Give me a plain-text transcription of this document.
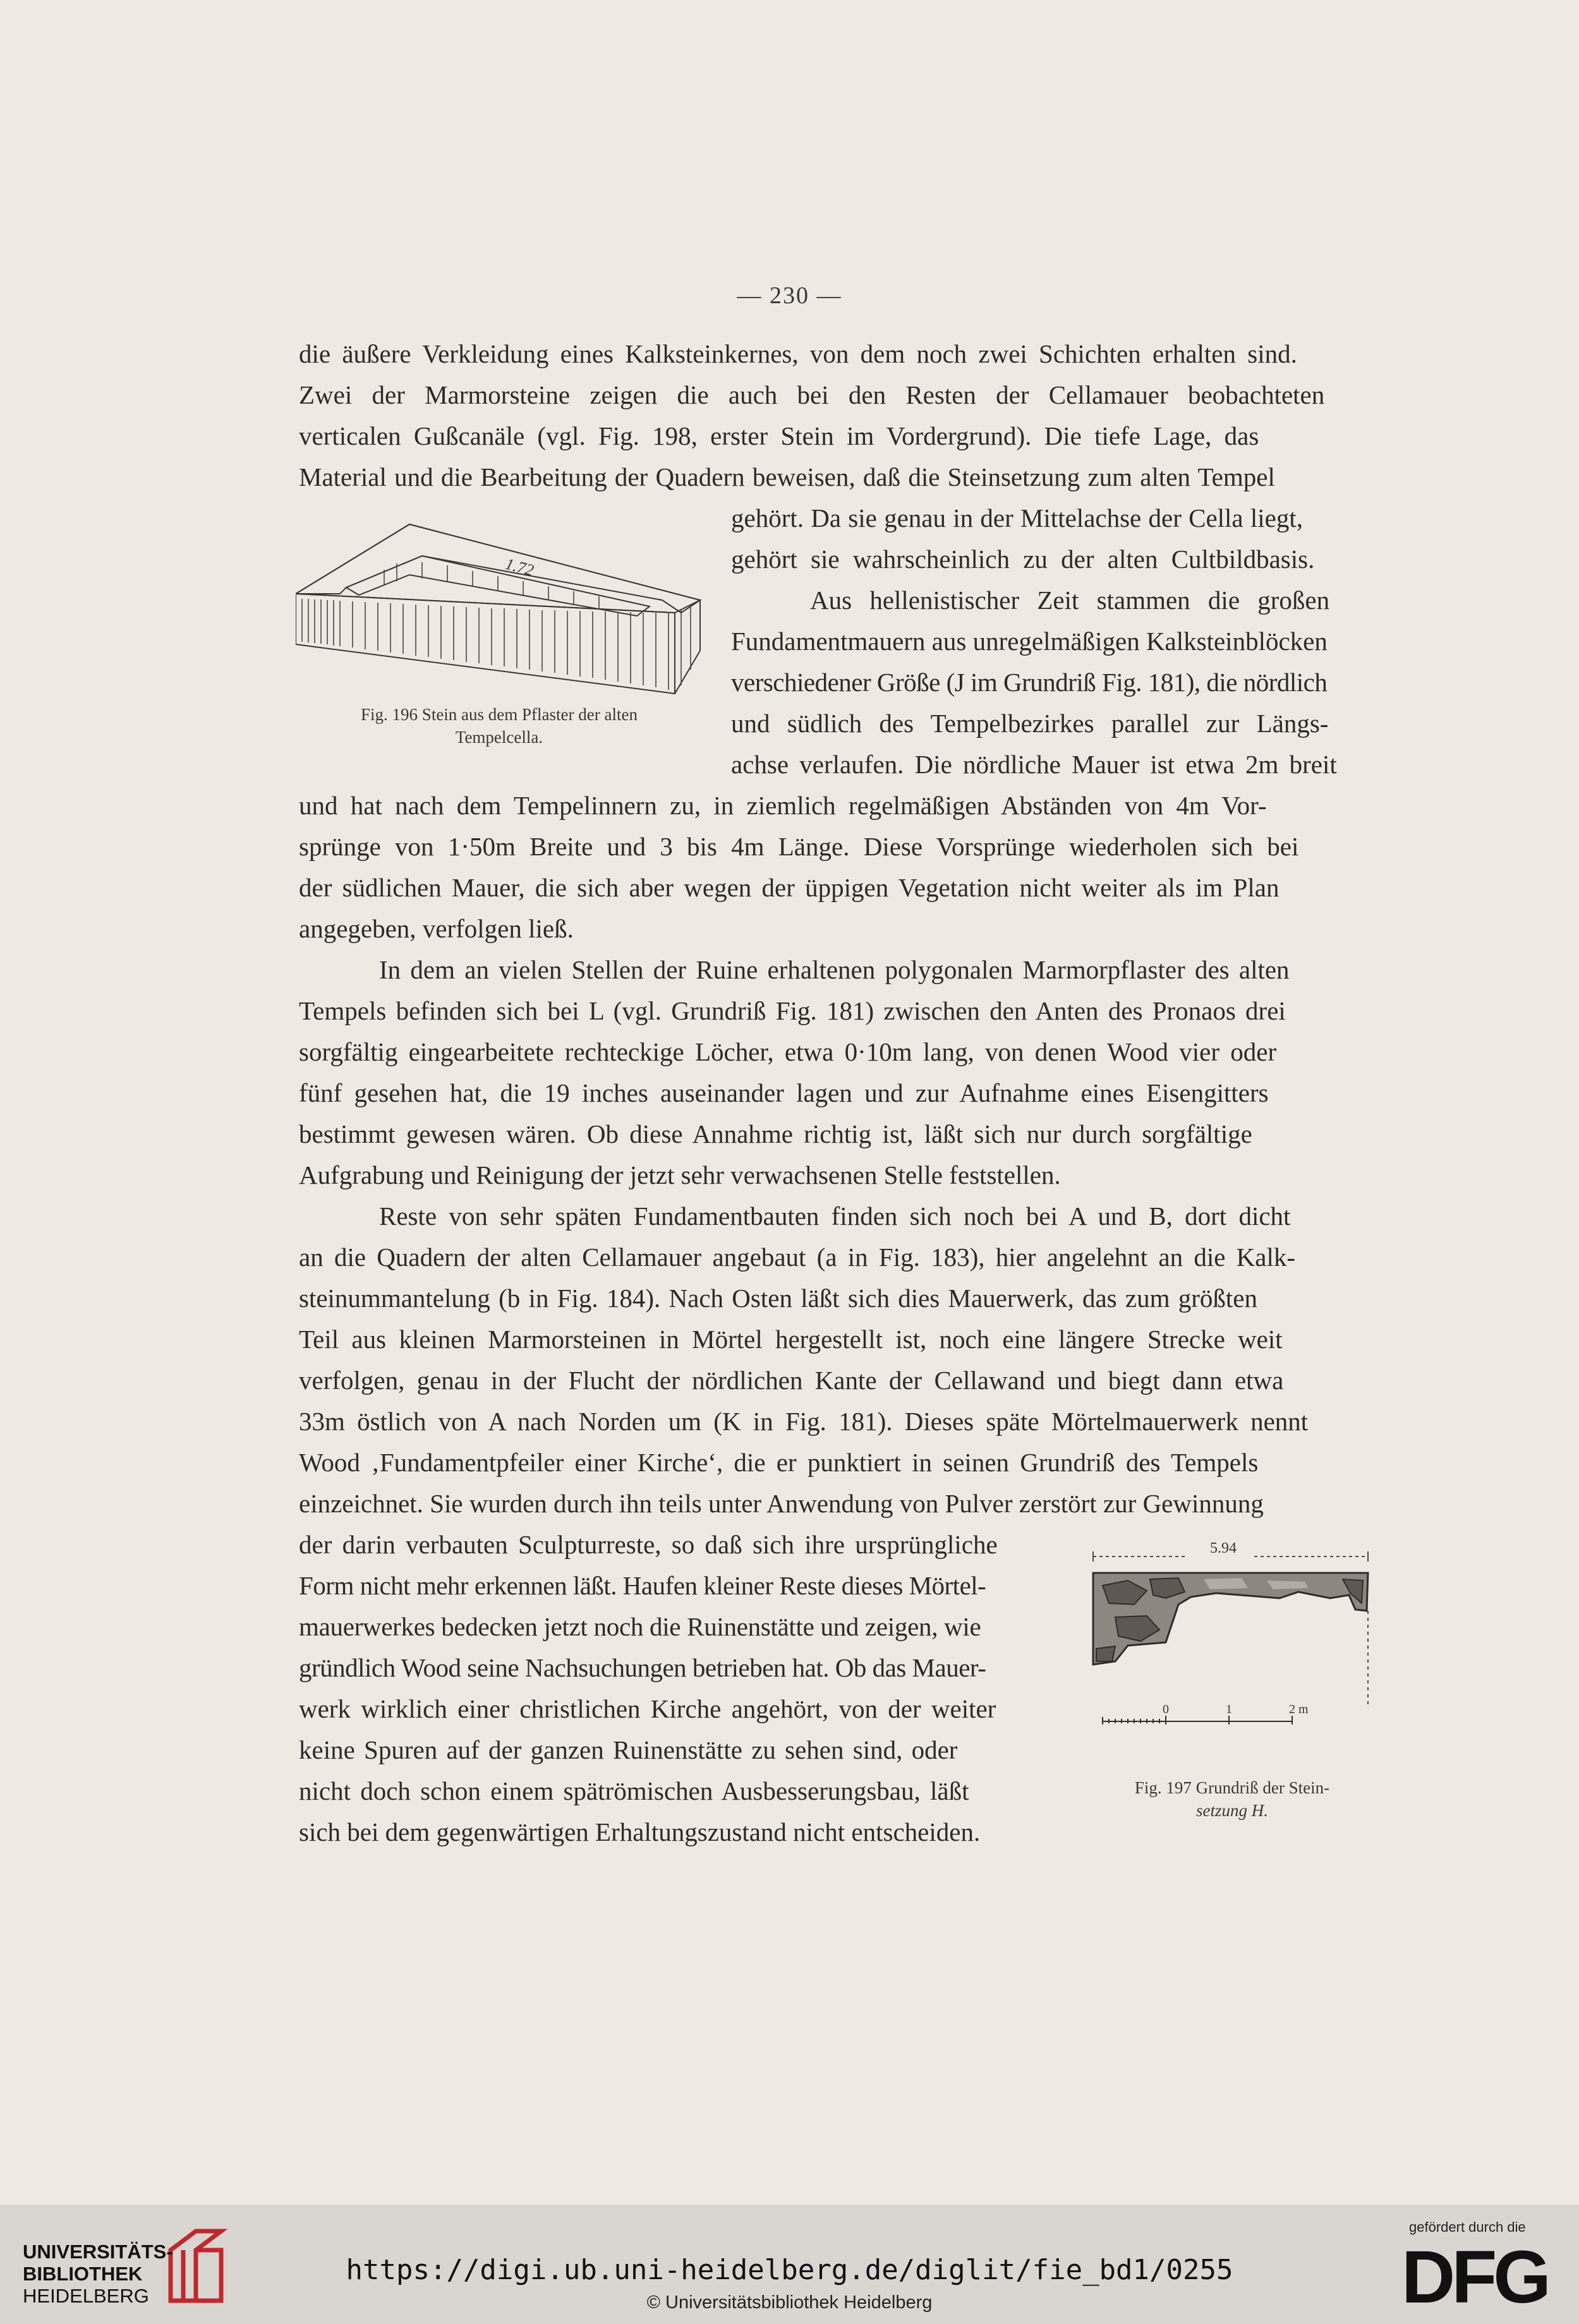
— 230 —
die äußere Verkleidung eines Kalksteinkernes, von dem noch zwei Schichten erhalten sind.
Zwei der Marmorsteine zeigen die auch bei den Resten der Cellamauer beobachteten
verticalen Gußcanäle (vgl. Fig. 198, erster Stein im Vordergrund). Die tiefe Lage, das
Material und die Bearbeitung der Quadern beweisen, daß die Steinsetzung zum alten Tempel
gehört. Da sie genau in der Mittelachse der Cella liegt,
gehört sie wahrscheinlich zu der alten Cultbildbasis.
Aus hellenistischer Zeit stammen die großen
Fundamentmauern aus unregelmäßigen Kalksteinblöcken
verschiedener Größe (J im Grundriß Fig. 181), die nördlich
und südlich des Tempelbezirkes parallel zur Längs-
achse verlaufen. Die nördliche Mauer ist etwa 2m breit
und hat nach dem Tempelinnern zu, in ziemlich regelmäßigen Abständen von 4m Vor-
sprünge von 1·50m Breite und 3 bis 4m Länge. Diese Vorsprünge wiederholen sich bei
der südlichen Mauer, die sich aber wegen der üppigen Vegetation nicht weiter als im Plan
angegeben, verfolgen ließ.
In dem an vielen Stellen der Ruine erhaltenen polygonalen Marmorpflaster des alten
Tempels befinden sich bei L (vgl. Grundriß Fig. 181) zwischen den Anten des Pronaos drei
sorgfältig eingearbeitete rechteckige Löcher, etwa 0·10m lang, von denen Wood vier oder
fünf gesehen hat, die 19 inches auseinander lagen und zur Aufnahme eines Eisengitters
bestimmt gewesen wären. Ob diese Annahme richtig ist, läßt sich nur durch sorgfältige
Aufgrabung und Reinigung der jetzt sehr verwachsenen Stelle feststellen.
Reste von sehr späten Fundamentbauten finden sich noch bei A und B, dort dicht
an die Quadern der alten Cellamauer angebaut (a in Fig. 183), hier angelehnt an die Kalk-
steinummantelung (b in Fig. 184). Nach Osten läßt sich dies Mauerwerk, das zum größten
Teil aus kleinen Marmorsteinen in Mörtel hergestellt ist, noch eine längere Strecke weit
verfolgen, genau in der Flucht der nördlichen Kante der Cellawand und biegt dann etwa
33m östlich von A nach Norden um (K in Fig. 181). Dieses späte Mörtelmauerwerk nennt
Wood ‚Fundamentpfeiler einer Kirche‘, die er punktiert in seinen Grundriß des Tempels
einzeichnet. Sie wurden durch ihn teils unter Anwendung von Pulver zerstört zur Gewinnung
der darin verbauten Sculpturreste, so daß sich ihre ursprüngliche
Form nicht mehr erkennen läßt. Haufen kleiner Reste dieses Mörtel-
mauerwerkes bedecken jetzt noch die Ruinenstätte und zeigen, wie
gründlich Wood seine Nachsuchungen betrieben hat. Ob das Mauer-
werk wirklich einer christlichen Kirche angehört, von der weiter
keine Spuren auf der ganzen Ruinenstätte zu sehen sind, oder
nicht doch schon einem spätrömischen Ausbesserungsbau, läßt
sich bei dem gegenwärtigen Erhaltungszustand nicht entscheiden.
1.72
Fig. 196 Stein aus dem Pflaster der alten
Tempelcella.
5.94
0	1	2 m
Fig. 197 Grundriß der Stein-
setzung H.
UNIVERSITÄTS-
BIBLIOTHEK
HEIDELBERG
https://digi.ub.uni-heidelberg.de/diglit/fie_bd1/0255
© Universitätsbibliothek Heidelberg
gefördert durch die
DFG
